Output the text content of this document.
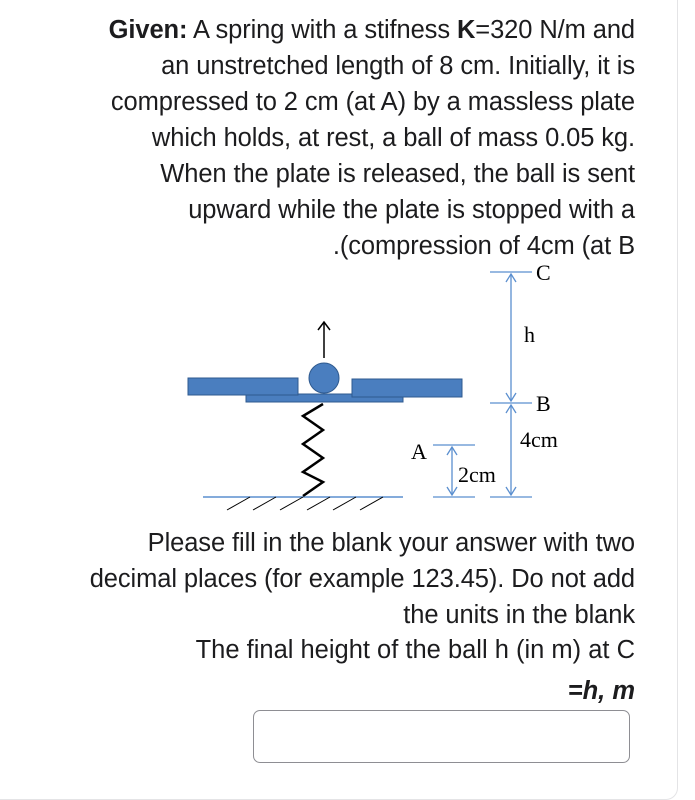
Given: A spring with a stifness K=320 N/m and
an unstretched length of 8 cm. Initially, it is
compressed to 2 cm (at A) by a massless plate
which holds, at rest, a ball of mass 0.05 kg.
When the plate is released, the ball is sent
upward while the plate is stopped with a
.(compression of 4cm (at B
C
h
B
4cm
A
2cm
Please fill in the blank your answer with two
decimal places (for example 123.45). Do not add
the units in the blank
The final height of the ball h (in m) at C
=h, m
